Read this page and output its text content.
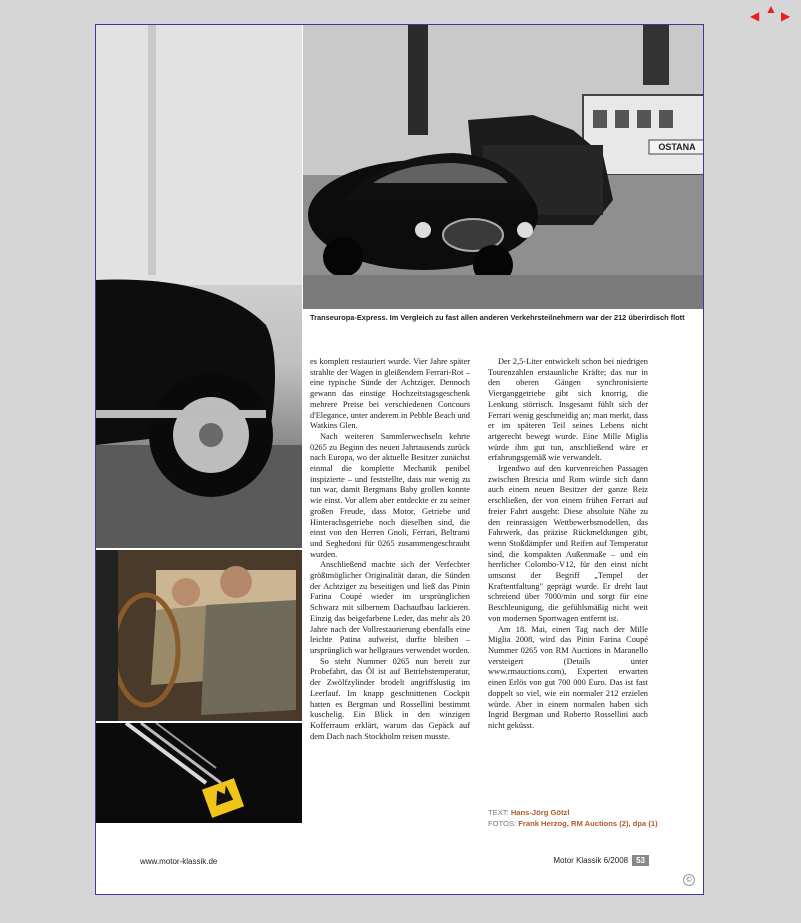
◀ ▲ ▶
OSTANA
Transeuropa-Express. Im Vergleich zu fast allen anderen Verkehrsteilnehmern war der 212 überirdisch flott

es komplett restauriert wurde. Vier Jahre später strahlte der Wagen in gleißendem Ferrari-Rot – eine typische Sünde der Achtziger. Dennoch gewann das einstige Hochzeitstagsgeschenk mehrere Preise bei verschiedenen Concours d'Elegance, unter anderem in Pebble Beach und Watkins Glen.

Nach weiteren Sammlerwechseln kehrte 0265 zu Beginn des neuen Jahrtausends zurück nach Europa, wo der aktuelle Besitzer zunächst einmal die komplette Mechanik penibel inspizierte – und feststellte, dass nur wenig zu tun war, damit Bergmans Baby grollen konnte wie einst. Vor allem aber entdeckte er zu seiner großen Freude, dass Motor, Getriebe und Hinterachsgetriebe noch dieselben sind, die einst von den Herren Gnoli, Ferrari, Beltrami und Seghedoni für 0265 zusammengeschraubt wurden.

Anschließend machte sich der Verfechter größtmöglicher Originalität daran, die Sünden der Achtziger zu beseitigen und ließ das Pinin Farina Coupé wieder im ursprünglichen Schwarz mit silbernem Dachaufbau lackieren. Einzig das beigefarbene Leder, das mehr als 20 Jahre nach der Vollrestaurierung ebenfalls eine leichte Patina aufweist, durfte bleiben – ursprünglich war hellgraues verwendet worden.

So steht Nummer 0265 nun bereit zur Probefahrt, das Öl ist auf Betriebstemperatur, der Zwölfzylinder brodelt angriffslustig im Leerlauf. Im knapp geschnittenen Cockpit hatten es Bergman und Rossellini bestimmt kuschelig. Ein Blick in den winzigen Kofferraum erklärt, warum das Gepäck auf dem Dach nach Stockholm reisen musste.

Der 2,5-Liter entwickelt schon bei niedrigen Tourenzahlen erstaunliche Kräfte; das nur in den oberen Gängen synchronisierte Vierganggetriebe gibt sich knorrig, die Lenkung störrisch. Insgesamt fühlt sich der Ferrari wenig geschmeidig an; man merkt, dass er im späteren Teil seines Lebens nicht artgerecht bewegt wurde. Eine Mille Miglia würde ihm gut tun, anschließend wäre er erfahrungsgemäß wie verwandelt.

Irgendwo auf den kurvenreichen Passagen zwischen Brescia und Rom würde sich dann auch einem neuen Besitzer der ganze Reiz erschließen, der von einem frühen Ferrari auf freier Fahrt ausgeht: Diese absolute Nähe zu den reinrassigen Wettbewerbsmodellen, das Fahrwerk, das präzise Rückmeldungen gibt, wenn Stoßdämpfer und Reifen auf Temperatur sind, die kompakten Außenmaße – und ein herrlicher Colombo-V12, für den einst nicht umsonst der Begriff „Tempel der Kraftentfaltung" geprägt wurde. Er dreht laut schreiend über 7000/min und sorgt für eine Beschleunigung, die gefühlsmäßig nicht weit von modernen Sportwagen entfernt ist.

Am 18. Mai, einen Tag nach der Mille Miglia 2008, wird das Pinin Farina Coupé Nummer 0265 von RM Auctions in Maranello versteigert (Details unter www.rmauctions.com), Experten erwarten einen Erlös von gut 700 000 Euro. Das ist fast doppelt so viel, wie ein normaler 212 erzielen würde. Aber in einem normalen haben sich Ingrid Bergman und Roberto Rossellini auch nicht geküsst.

TEXT: Hans-Jörg Götzl
FOTOS: Frank Herzog, RM Auctions (2), dpa (1)
www.motor-klassik.de	Motor Klassik 6/2008	53
©
